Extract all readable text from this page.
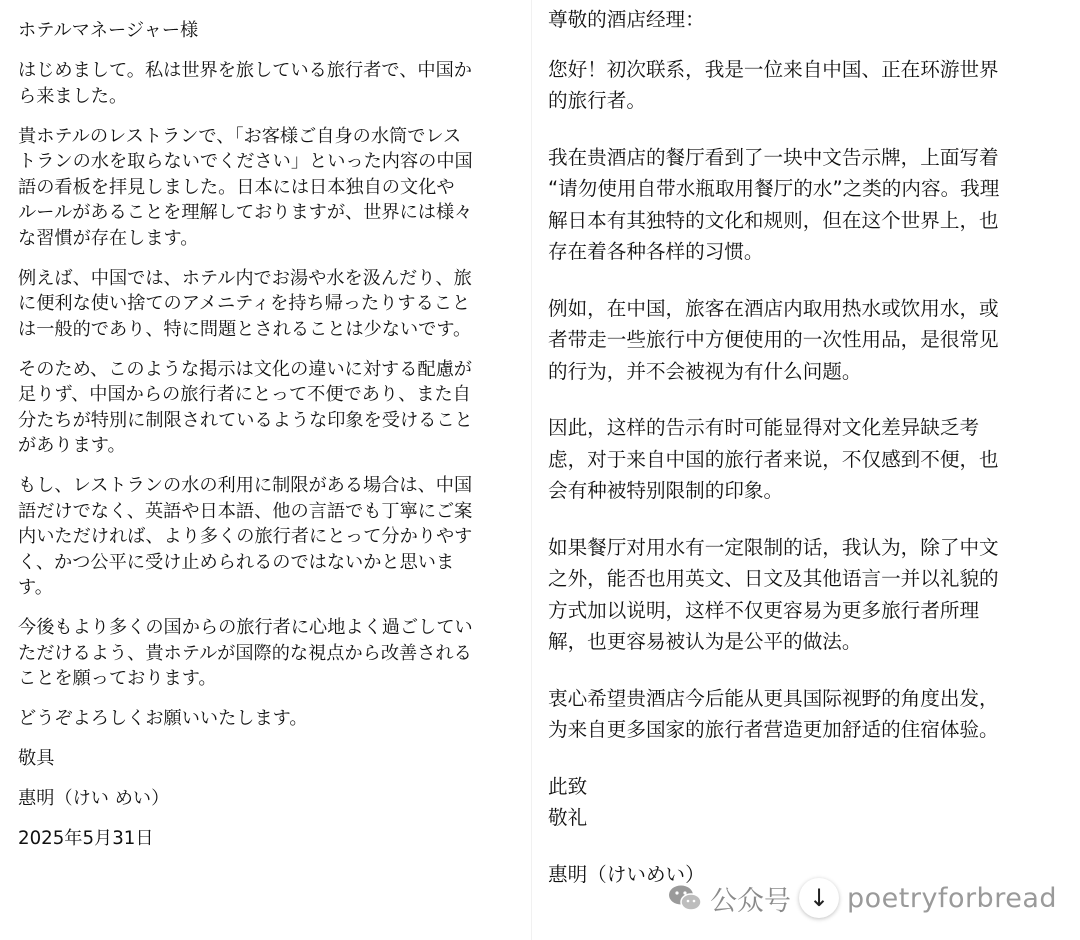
ホテルマネージャー様
はじめまして。私は世界を旅している旅行者で、中国か
ら来ました。
貴ホテルのレストランで、「お客様ご自身の水筒でレス
トランの水を取らないでください」といった内容の中国
語の看板を拝見しました。日本には日本独自の文化や
ルールがあることを理解しておりますが、世界には様々
な習慣が存在します。
例えば、中国では、ホテル内でお湯や水を汲んだり、旅
に便利な使い捨てのアメニティを持ち帰ったりすること
は一般的であり、特に問題とされることは少ないです。
そのため、このような掲示は文化の違いに対する配慮が
足りず、中国からの旅行者にとって不便であり、また自
分たちが特別に制限されているような印象を受けること
があります。
もし、レストランの水の利用に制限がある場合は、中国
語だけでなく、英語や日本語、他の言語でも丁寧にご案
内いただければ、より多くの旅行者にとって分かりやす
く、かつ公平に受け止められるのではないかと思いま
す。
今後もより多くの国からの旅行者に心地よく過ごしてい
ただけるよう、貴ホテルが国際的な視点から改善される
ことを願っております。
どうぞよろしくお願いいたします。
敬具
惠明（けい めい）
2025年5月31日
尊敬的酒店经理：
您好！初次联系，我是一位来自中国、正在环游世界
的旅行者。
我在贵酒店的餐厅看到了一块中文告示牌，上面写着
“请勿使用自带水瓶取用餐厅的水”之类的内容。我理
解日本有其独特的文化和规则，但在这个世界上，也
存在着各种各样的习惯。
例如，在中国，旅客在酒店内取用热水或饮用水，或
者带走一些旅行中方便使用的一次性用品，是很常见
的行为，并不会被视为有什么问题。
因此，这样的告示有时可能显得对文化差异缺乏考
虑，对于来自中国的旅行者来说，不仅感到不便，也
会有种被特别限制的印象。
如果餐厅对用水有一定限制的话，我认为，除了中文
之外，能否也用英文、日文及其他语言一并以礼貌的
方式加以说明，这样不仅更容易为更多旅行者所理
解，也更容易被认为是公平的做法。
衷心希望贵酒店今后能从更具国际视野的角度出发，
为来自更多国家的旅行者营造更加舒适的住宿体验。
此致
敬礼
惠明（けいめい）
公众号 ↓ poetryforbread
